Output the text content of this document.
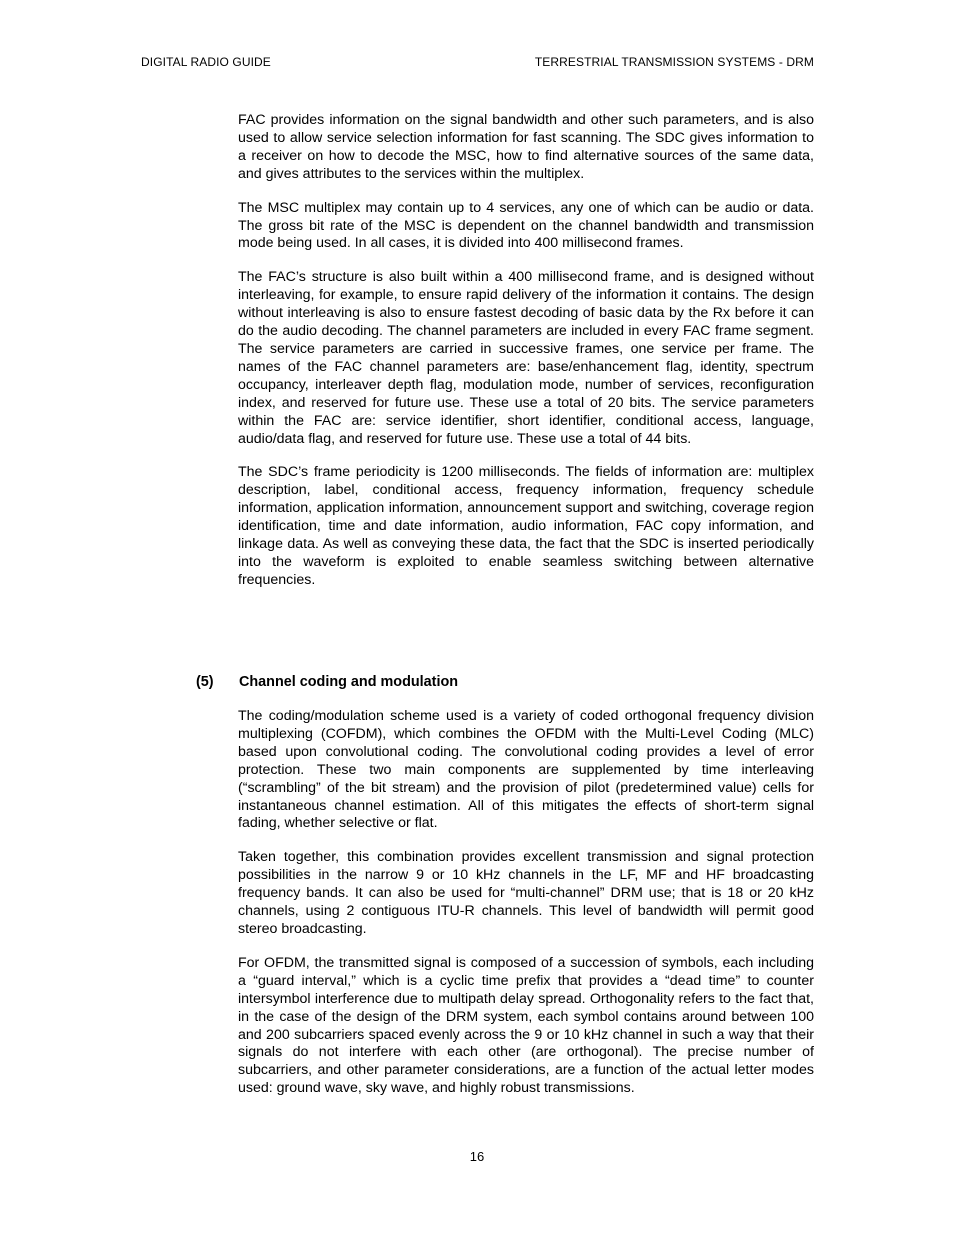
DIGITAL RADIO GUIDE	TERRESTRIAL TRANSMISSION SYSTEMS - DRM

FAC provides information on the signal bandwidth and other such parameters, and is also used to allow service selection information for fast scanning. The SDC gives information to a receiver on how to decode the MSC, how to find alternative sources of the same data, and gives attributes to the services within the multiplex.

The MSC multiplex may contain up to 4 services, any one of which can be audio or data. The gross bit rate of the MSC is dependent on the channel bandwidth and transmission mode being used. In all cases, it is divided into 400 millisecond frames.

The FAC’s structure is also built within a 400 millisecond frame, and is designed without interleaving, for example, to ensure rapid delivery of the information it contains. The design without interleaving is also to ensure fastest decoding of basic data by the Rx before it can do the audio decoding. The channel parameters are included in every FAC frame segment. The service parameters are carried in successive frames, one service per frame. The names of the FAC channel parameters are: base/enhancement flag, identity, spectrum occupancy, interleaver depth flag, modulation mode, number of services, reconfiguration index, and reserved for future use. These use a total of 20 bits. The service parameters within the FAC are: service identifier, short identifier, conditional access, language, audio/data flag, and reserved for future use. These use a total of 44 bits.

The SDC’s frame periodicity is 1200 milliseconds. The fields of information are: multiplex description, label, conditional access, frequency information, frequency schedule information, application information, announcement support and switching, coverage region identification, time and date information, audio information, FAC copy information, and linkage data. As well as conveying these data, the fact that the SDC is inserted periodically into the waveform is exploited to enable seamless switching between alternative frequencies.

(5) Channel coding and modulation

The coding/modulation scheme used is a variety of coded orthogonal frequency division multiplexing (COFDM), which combines the OFDM with the Multi-Level Coding (MLC) based upon convolutional coding. The convolutional coding provides a level of error protection. These two main components are supplemented by time interleaving (“scrambling” of the bit stream) and the provision of pilot (predetermined value) cells for instantaneous channel estimation. All of this mitigates the effects of short-term signal fading, whether selective or flat.

Taken together, this combination provides excellent transmission and signal protection possibilities in the narrow 9 or 10 kHz channels in the LF, MF and HF broadcasting frequency bands. It can also be used for “multi-channel” DRM use; that is 18 or 20 kHz channels, using 2 contiguous ITU-R channels. This level of bandwidth will permit good stereo broadcasting.

For OFDM, the transmitted signal is composed of a succession of symbols, each including a “guard interval,” which is a cyclic time prefix that provides a “dead time” to counter intersymbol interference due to multipath delay spread. Orthogonality refers to the fact that, in the case of the design of the DRM system, each symbol contains around between 100 and 200 subcarriers spaced evenly across the 9 or 10 kHz channel in such a way that their signals do not interfere with each other (are orthogonal). The precise number of subcarriers, and other parameter considerations, are a function of the actual letter modes used: ground wave, sky wave, and highly robust transmissions.

16
